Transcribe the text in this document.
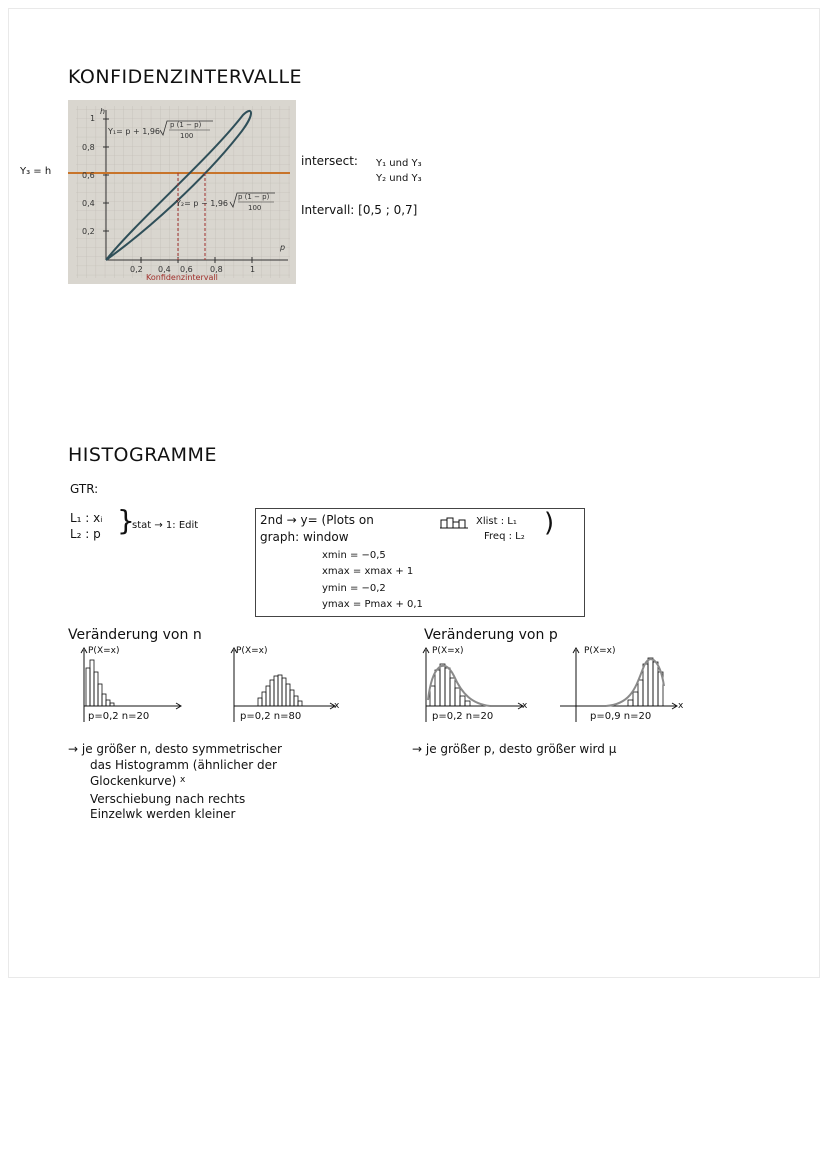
KONFIDENZINTERVALLE
1
h
0,8
0,6
0,4
0,2
0,2 0,4 0,6 0,8	1
p
Konfidenzintervall
Y₁= p + 1,96
p (1 − p)
100
Y₂= p − 1,96
p (1 − p)
100
Y₃ = h
intersect: Y₁ und Y₃
Y₂ und Y₃
Intervall: [0,5 ; 0,7]
HISTOGRAMME
GTR:
L₁ : xᵢ
L₂ : p }
stat → 1: Edit	2nd → y= (Plots on	Xlist : L₁
Freq : L₂ )
graph: window
xmin = −0,5
xmax = xmax + 1
ymin = −0,2
ymax = Pmax + 0,1
Veränderung von n
P(X=x)
x
P(X=x)
x
p=0,2 n=20	p=0,2 n=80
→ je größer n, desto symmetrischer
das Histogramm (ähnlicher der
Glockenkurve)
Verschiebung nach rechts
Einzelwk werden kleiner
Veränderung von p
P(X=x)
x
P(X=x)
x
p=0,2 n=20	p=0,9 n=20
→ je größer p, desto größer wird μ
